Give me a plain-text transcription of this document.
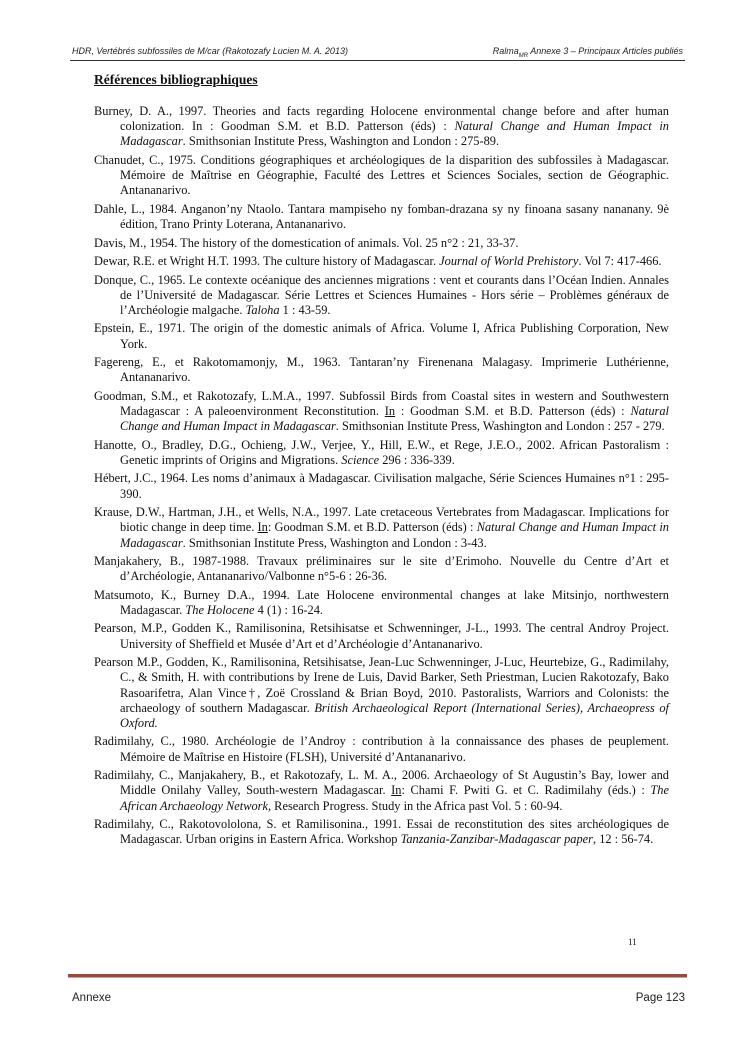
HDR, Vertébrés subfossiles de M/car (Rakotozafy Lucien M. A. 2013)	Ralma$_{MR}$ Annexe 3 – Principaux Articles publiés
Références bibliographiques
Burney, D. A., 1997. Theories and facts regarding Holocene environmental change before and after human colonization. In : Goodman S.M. et B.D. Patterson (éds) : Natural Change and Human Impact in Madagascar. Smithsonian Institute Press, Washington and London : 275-89.
Chanudet, C., 1975. Conditions géographiques et archéologiques de la disparition des subfossiles à Madagascar. Mémoire de Maîtrise en Géographie, Faculté des Lettres et Sciences Sociales, section de Géographic. Antananarivo.
Dahle, L., 1984. Anganon’ny Ntaolo. Tantara mampiseho ny fomban-drazana sy ny finoana sasany nananany. 9è édition, Trano Printy Loterana, Antananarivo.
Davis, M., 1954. The history of the domestication of animals. Vol. 25 n°2 : 21, 33-37.
Dewar, R.E. et Wright H.T. 1993. The culture history of Madagascar. Journal of World Prehistory. Vol 7: 417-466.
Donque, C., 1965. Le contexte océanique des anciennes migrations : vent et courants dans l’Océan Indien. Annales de l’Université de Madagascar. Série Lettres et Sciences Humaines - Hors série – Problèmes généraux de l’Archéologie malgache. Taloha 1 : 43-59.
Epstein, E., 1971. The origin of the domestic animals of Africa. Volume I, Africa Publishing Corporation, New York.
Fagereng, E., et Rakotomamonjy, M., 1963. Tantaran’ny Firenenana Malagasy. Imprimerie Luthérienne, Antananarivo.
Goodman, S.M., et Rakotozafy, L.M.A., 1997. Subfossil Birds from Coastal sites in western and Southwestern Madagascar : A paleoenvironment Reconstitution. In : Goodman S.M. et B.D. Patterson (éds) : Natural Change and Human Impact in Madagascar. Smithsonian Institute Press, Washington and London : 257 - 279.
Hanotte, O., Bradley, D.G., Ochieng, J.W., Verjee, Y., Hill, E.W., et Rege, J.E.O., 2002. African Pastoralism : Genetic imprints of Origins and Migrations. Science 296 : 336-339.
Hébert, J.C., 1964. Les noms d’animaux à Madagascar. Civilisation malgache, Série Sciences Humaines n°1 : 295-390.
Krause, D.W., Hartman, J.H., et Wells, N.A., 1997. Late cretaceous Vertebrates from Madagascar. Implications for biotic change in deep time. In: Goodman S.M. et B.D. Patterson (éds) : Natural Change and Human Impact in Madagascar. Smithsonian Institute Press, Washington and London : 3-43.
Manjakahery, B., 1987-1988. Travaux préliminaires sur le site d’Erimoho. Nouvelle du Centre d’Art et d’Archéologie, Antananarivo/Valbonne n°5-6 : 26-36.
Matsumoto, K., Burney D.A., 1994. Late Holocene environmental changes at lake Mitsinjo, northwestern Madagascar. The Holocene 4 (1) : 16-24.
Pearson, M.P., Godden K., Ramilisonina, Retsihisatse et Schwenninger, J-L., 1993. The central Androy Project. University of Sheffield et Musée d’Art et d’Archéologie d’Antananarivo.
Pearson M.P., Godden, K., Ramilisonina, Retsihisatse, Jean-Luc Schwenninger, J-Luc, Heurtebize, G., Radimilahy, C., & Smith, H. with contributions by Irene de Luis, David Barker, Seth Priestman, Lucien Rakotozafy, Bako Rasoarifetra, Alan Vince†, Zoë Crossland & Brian Boyd, 2010. Pastoralists, Warriors and Colonists: the archaeology of southern Madagascar. British Archaeological Report (International Series), Archaeopress of Oxford.
Radimilahy, C., 1980. Archéologie de l’Androy : contribution à la connaissance des phases de peuplement. Mémoire de Maîtrise en Histoire (FLSH), Université d’Antananarivo.
Radimilahy, C., Manjakahery, B., et Rakotozafy, L. M. A., 2006. Archaeology of St Augustin’s Bay, lower and Middle Onilahy Valley, South-western Madagascar. In: Chami F. Pwiti G. et C. Radimilahy (éds.) : The African Archaeology Network, Research Progress. Study in the Africa past Vol. 5 : 60-94.
Radimilahy, C., Rakotovololona, S. et Ramilisonina., 1991. Essai de reconstitution des sites archéologiques de Madagascar. Urban origins in Eastern Africa. Workshop Tanzania-Zanzibar-Madagascar paper, 12 : 56-74.
11
Annexe	Page 123
